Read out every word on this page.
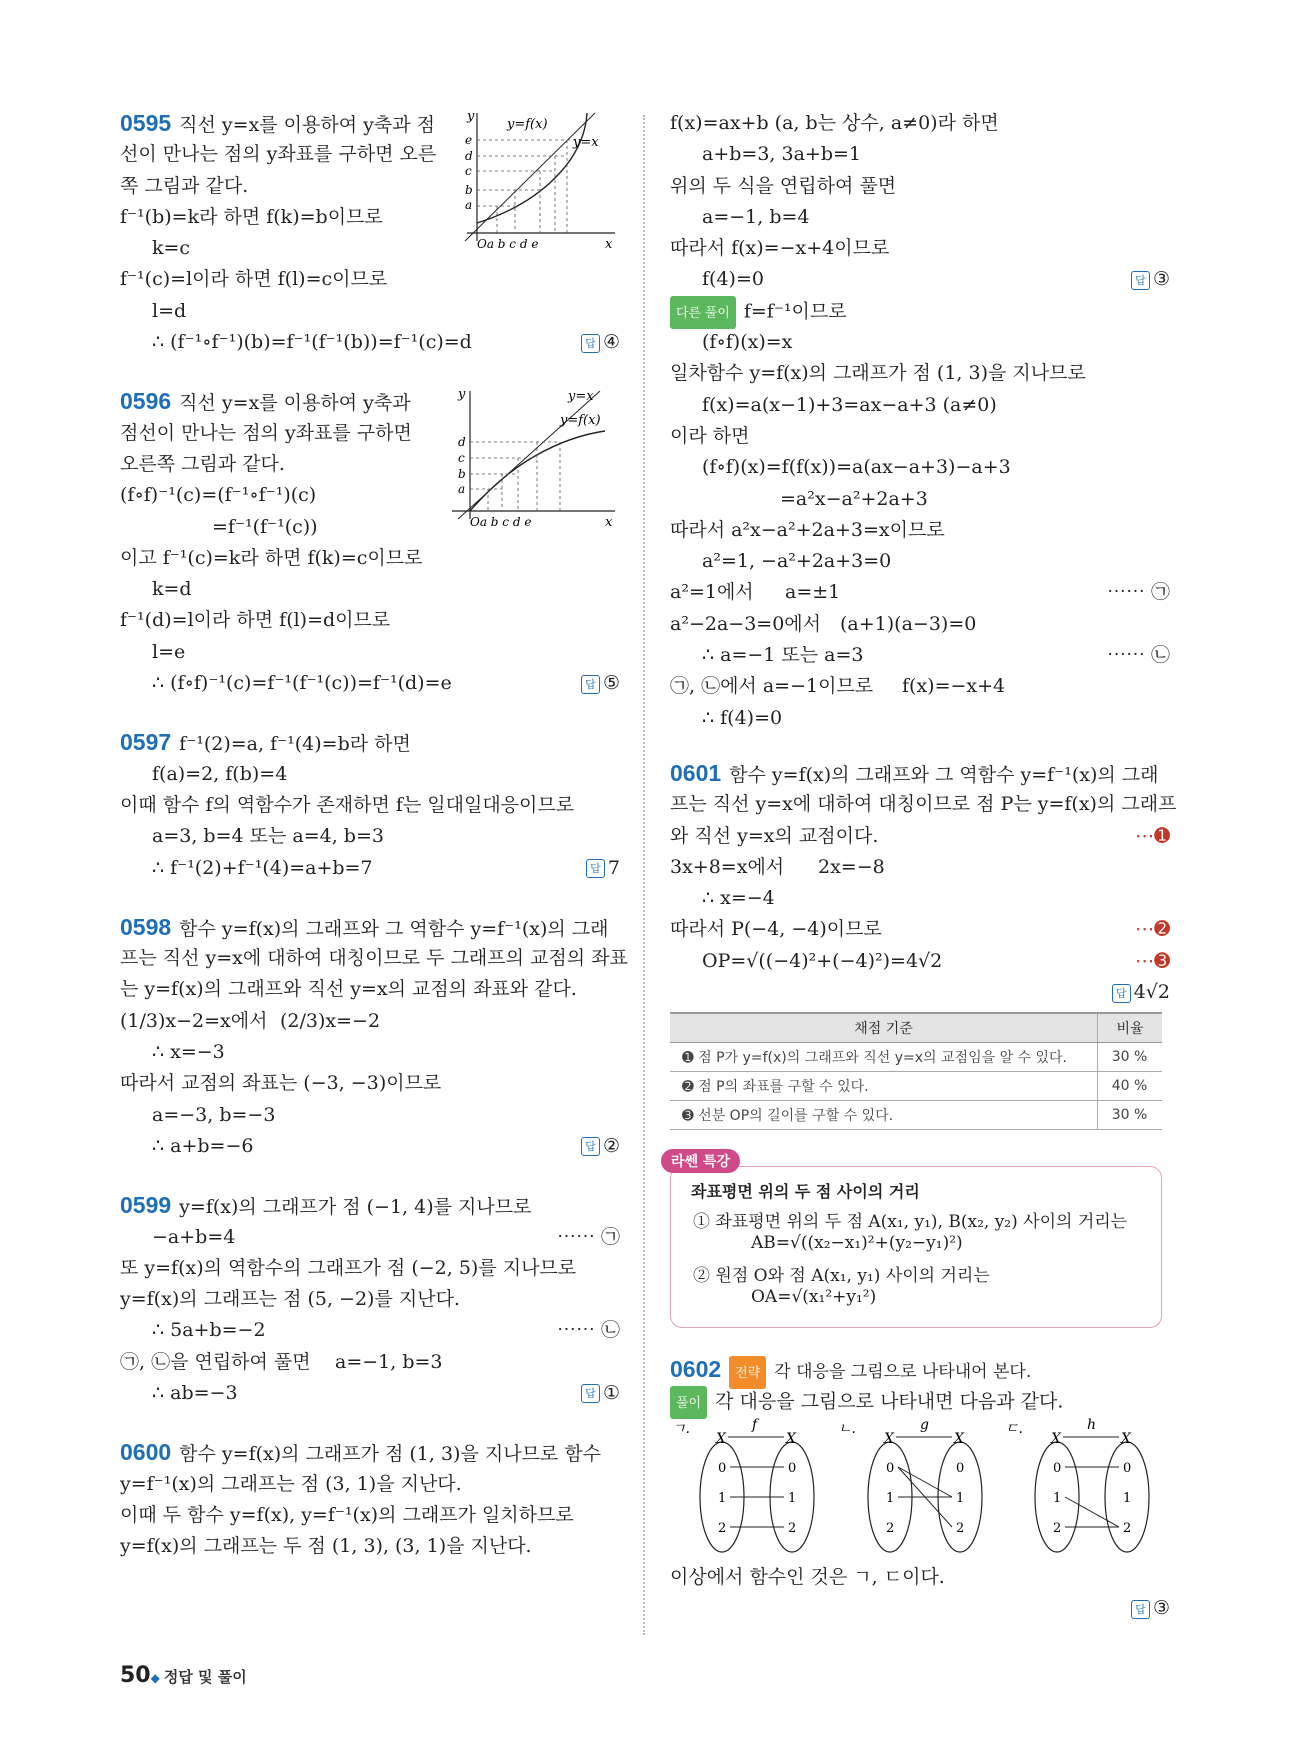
0595 직선 y=x를 이용하여 y축과 점
선이 만나는 점의 y좌표를 구하면 오른
쪽 그림과 같다.
f⁻¹(b)=k라 하면 f(k)=b이므로
k=c
f⁻¹(c)=l이라 하면 f(l)=c이므로
l=d
∴ (f⁻¹∘f⁻¹)(b)=f⁻¹(f⁻¹(b))=f⁻¹(c)=d	답 ④
y
x
y=f(x)
y=x
e
d
c
b
a
Oa b c d e
0596 직선 y=x를 이용하여 y축과
점선이 만나는 점의 y좌표를 구하면
오른쪽 그림과 같다.
(f∘f)⁻¹(c)=(f⁻¹∘f⁻¹)(c)
=f⁻¹(f⁻¹(c))
이고 f⁻¹(c)=k라 하면 f(k)=c이므로
k=d
f⁻¹(d)=l이라 하면 f(l)=d이므로
l=e
∴ (f∘f)⁻¹(c)=f⁻¹(f⁻¹(c))=f⁻¹(d)=e	답 ⑤
y
x
y=x
y=f(x)
d
c
b
a
Oa b c d e
0597 f⁻¹(2)=a, f⁻¹(4)=b라 하면
f(a)=2, f(b)=4
이때 함수 f의 역함수가 존재하면 f는 일대일대응이므로
a=3, b=4 또는 a=4, b=3
∴ f⁻¹(2)+f⁻¹(4)=a+b=7	답 7
0598 함수 y=f(x)의 그래프와 그 역함수 y=f⁻¹(x)의 그래
프는 직선 y=x에 대하여 대칭이므로 두 그래프의 교점의 좌표
는 y=f(x)의 그래프와 직선 y=x의 교점의 좌표와 같다.
(1/3)x−2=x에서 (2/3)x=−2
∴ x=−3
따라서 교점의 좌표는 (−3, −3)이므로
a=−3, b=−3
∴ a+b=−6	답 ②
0599 y=f(x)의 그래프가 점 (−1, 4)를 지나므로
−a+b=4	⋯⋯ ㉠
또 y=f(x)의 역함수의 그래프가 점 (−2, 5)를 지나므로
y=f(x)의 그래프는 점 (5, −2)를 지난다.
∴ 5a+b=−2	⋯⋯ ㉡
㉠, ㉡을 연립하여 풀면 a=−1, b=3
∴ ab=−3	답 ①
0600 함수 y=f(x)의 그래프가 점 (1, 3)을 지나므로 함수
y=f⁻¹(x)의 그래프는 점 (3, 1)을 지난다.
이때 두 함수 y=f(x), y=f⁻¹(x)의 그래프가 일치하므로
y=f(x)의 그래프는 두 점 (1, 3), (3, 1)을 지난다.
f(x)=ax+b (a, b는 상수, a≠0)라 하면
a+b=3, 3a+b=1
위의 두 식을 연립하여 풀면
a=−1, b=4
따라서 f(x)=−x+4이므로
f(4)=0	답 ③
다른 풀이 f=f⁻¹이므로
(f∘f)(x)=x
일차함수 y=f(x)의 그래프가 점 (1, 3)을 지나므로
f(x)=a(x−1)+3=ax−a+3 (a≠0)
이라 하면
(f∘f)(x)=f(f(x))=a(ax−a+3)−a+3
=a²x−a²+2a+3
따라서 a²x−a²+2a+3=x이므로
a²=1, −a²+2a+3=0
a²=1에서 a=±1	⋯⋯ ㉠
a²−2a−3=0에서 (a+1)(a−3)=0
∴ a=−1 또는 a=3	⋯⋯ ㉡
㉠, ㉡에서 a=−1이므로 f(x)=−x+4
∴ f(4)=0
0601 함수 y=f(x)의 그래프와 그 역함수 y=f⁻¹(x)의 그래
프는 직선 y=x에 대하여 대칭이므로 점 P는 y=f(x)의 그래프
와 직선 y=x의 교점이다.	⋯➊
3x+8=x에서 2x=−8
∴ x=−4
따라서 P(−4, −4)이므로	⋯➋
OP=√((−4)²+(−4)²)=4√2	⋯➌
답 4√2
채점 기준	비율
➊ 점 P가 y=f(x)의 그래프와 직선 y=x의 교점임을 알 수 있다.	30 %
➋ 점 P의 좌표를 구할 수 있다.	40 %
➌ 선분 OP의 길이를 구할 수 있다.	30 %
라쎈 특강
좌표평면 위의 두 점 사이의 거리
① 좌표평면 위의 두 점 A(x₁, y₁), B(x₂, y₂) 사이의 거리는
AB=√((x₂−x₁)²+(y₂−y₁)²)
② 원점 O와 점 A(x₁, y₁) 사이의 거리는
OA=√(x₁²+y₁²)
0602 전략 각 대응을 그림으로 나타내어 본다.
풀이 각 대응을 그림으로 나타내면 다음과 같다.
ㄱ.	ㄴ.	ㄷ.
X	X
f
0	0
1	1
2	2
X	X
g
0	0
1	1
2	2
X	X
h
0	0
1	1
2	2
이상에서 함수인 것은 ㄱ, ㄷ이다.
답 ③
50◆ 정답 및 풀이
